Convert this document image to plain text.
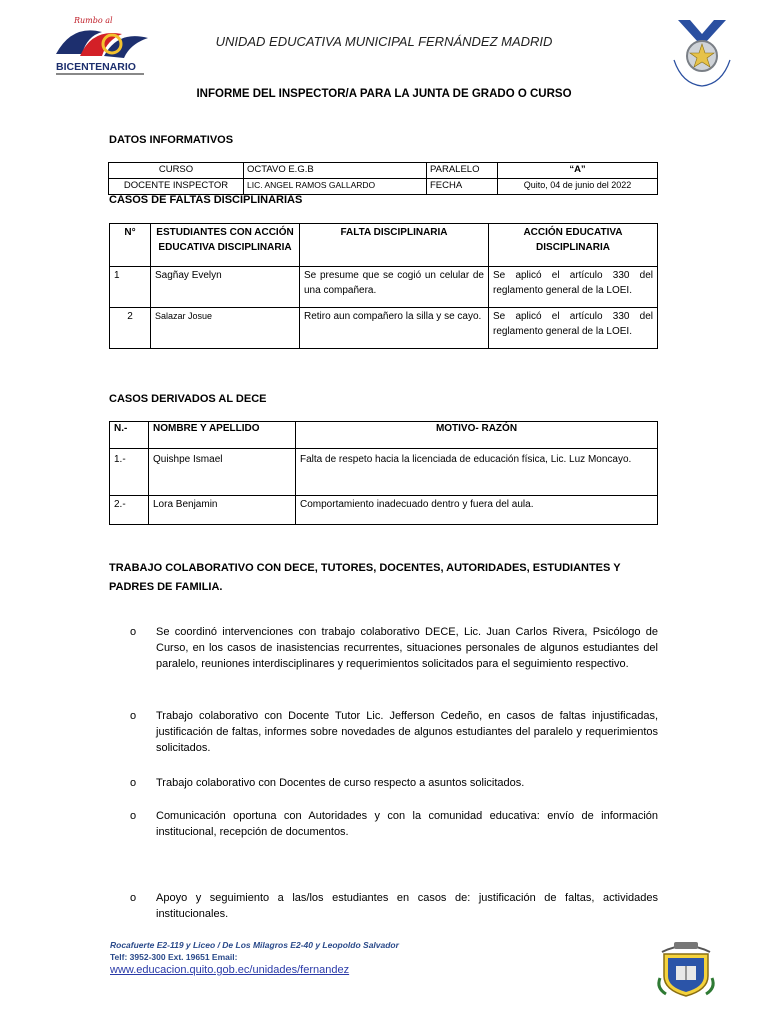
Rumbo al
BICENTENARIO
UNIDAD EDUCATIVA MUNICIPAL FERNÁNDEZ MADRID
INFORME DEL INSPECTOR/A PARA LA JUNTA DE GRADO O CURSO
DATOS INFORMATIVOS
CURSO	OCTAVO E.G.B	PARALELO	“A”
DOCENTE INSPECTOR	LIC. ANGEL RAMOS GALLARDO	FECHA	Quito, 04 de junio del 2022
CASOS DE FALTAS DISCIPLINARIAS
N°	ESTUDIANTES CON ACCIÓN EDUCATIVA DISCIPLINARIA	FALTA DISCIPLINARIA	ACCIÓN EDUCATIVA DISCIPLINARIA
1	Sagñay Evelyn	Se presume que se cogió un celular de una compañera.	Se aplicó el artículo 330 del reglamento general de la LOEI.
2	Salazar Josue	Retiro aun compañero la silla y se cayo.	Se aplicó el artículo 330 del reglamento general de la LOEI.
CASOS DERIVADOS AL DECE
N.-	NOMBRE Y APELLIDO	MOTIVO- RAZÓN
1.-	Quishpe Ismael	Falta de respeto hacia la licenciada de educación física, Lic. Luz Moncayo.
2.-	Lora Benjamin	Comportamiento inadecuado dentro y fuera del aula.
TRABAJO COLABORATIVO CON DECE, TUTORES, DOCENTES, AUTORIDADES, ESTUDIANTES Y PADRES DE FAMILIA.
o Se coordinó intervenciones con trabajo colaborativo DECE, Lic. Juan Carlos Rivera, Psicólogo de Curso, en los casos de inasistencias recurrentes, situaciones personales de algunos estudiantes del paralelo, reuniones interdisciplinares y requerimientos solicitados para el seguimiento respectivo.
o Trabajo colaborativo con Docente Tutor Lic. Jefferson Cedeño, en casos de faltas injustificadas, justificación de faltas, informes sobre novedades de algunos estudiantes del paralelo y requerimientos solicitados.
o Trabajo colaborativo con Docentes de curso respecto a asuntos solicitados.
o Comunicación oportuna con Autoridades y con la comunidad educativa: envío de información institucional, recepción de documentos.
o Apoyo y seguimiento a las/los estudiantes en casos de: justificación de faltas, actividades institucionales.
Rocafuerte E2-119 y Liceo / De Los Milagros E2-40 y Leopoldo Salvador
Telf: 3952-300 Ext. 19651 Email:
www.educacion.quito.gob.ec/unidades/fernandez
